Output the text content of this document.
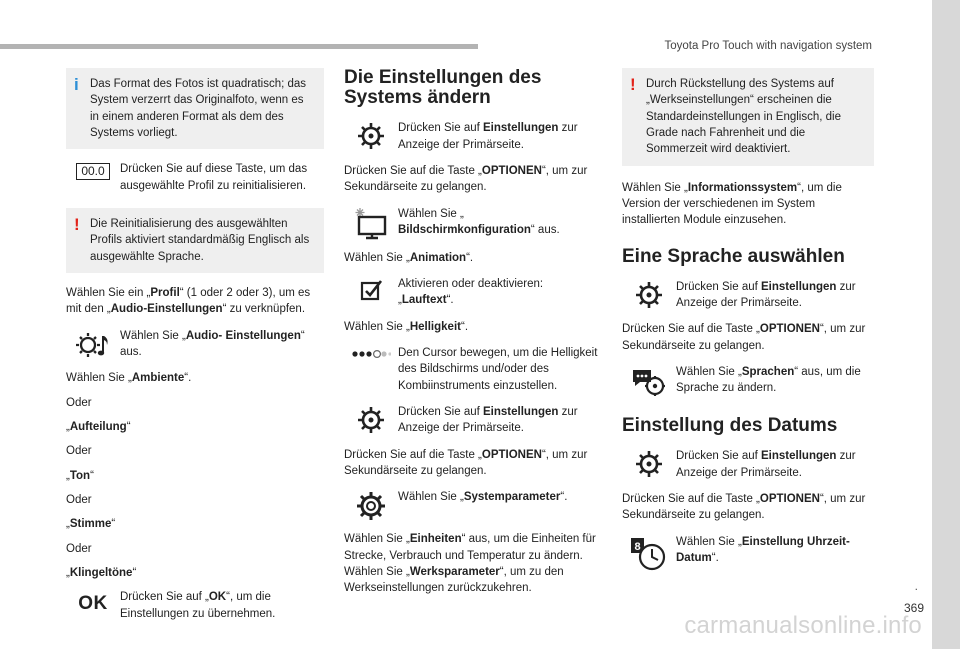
Toyota Pro Touch with navigation system
.
369
carmanualsonline.info
i Das Format des Fotos ist quadratisch; das System verzerrt das Originalfoto, wenn es in einem anderen Format als dem des Systems vorliegt.
00.0	Drücken Sie auf diese Taste, um das ausgewählte Profil zu reinitialisieren.
! Die Reinitialisierung des ausgewählten Profils aktiviert standardmäßig Englisch als ausgewählte Sprache.

Wählen Sie ein „Profil“ (1 oder 2 oder 3), um es mit den „Audio-Einstellungen“ zu verknüpfen.

Wählen Sie „Audio- Einstellungen“ aus.

Wählen Sie „Ambiente“.

Oder

„Aufteilung“

Oder

„Ton“

Oder

„Stimme“

Oder

„Klingeltöne“

OK Drücken Sie auf „OK“, um die Einstellungen zu übernehmen.
Die Einstellungen des Systems ändern
Drücken Sie auf Einstellungen zur Anzeige der Primärseite.

Drücken Sie auf die Taste „OPTIONEN“, um zur Sekundärseite zu gelangen.

Wählen Sie „
Bildschirmkonfiguration“ aus.

Wählen Sie „Animation“.

Aktivieren oder deaktivieren: „Lauftext“.

Wählen Sie „Helligkeit“.

Den Cursor bewegen, um die Helligkeit des Bildschirms und/oder des Kombiinstruments einzustellen.
Drücken Sie auf Einstellungen zur Anzeige der Primärseite.

Drücken Sie auf die Taste „OPTIONEN“, um zur Sekundärseite zu gelangen.

Wählen Sie „Systemparameter“.

Wählen Sie „Einheiten“ aus, um die Einheiten für Strecke, Verbrauch und Temperatur zu ändern.

Wählen Sie „Werksparameter“, um zu den Werkseinstellungen zurückzukehren.

! Durch Rückstellung des Systems auf „Werkseinstellungen“ erscheinen die Standardeinstellungen in Englisch, die Grade nach Fahrenheit und die Sommerzeit wird deaktiviert.

Wählen Sie „Informationssystem“, um die Version der verschiedenen im System installierten Module einzusehen.

Eine Sprache auswählen
Drücken Sie auf Einstellungen zur Anzeige der Primärseite.

Drücken Sie auf die Taste „OPTIONEN“, um zur Sekundärseite zu gelangen.

Wählen Sie „Sprachen“ aus, um die Sprache zu ändern.
Einstellung des Datums
Drücken Sie auf Einstellungen zur Anzeige der Primärseite.

Drücken Sie auf die Taste „OPTIONEN“, um zur Sekundärseite zu gelangen.

8	Wählen Sie „Einstellung Uhrzeit-Datum“.
